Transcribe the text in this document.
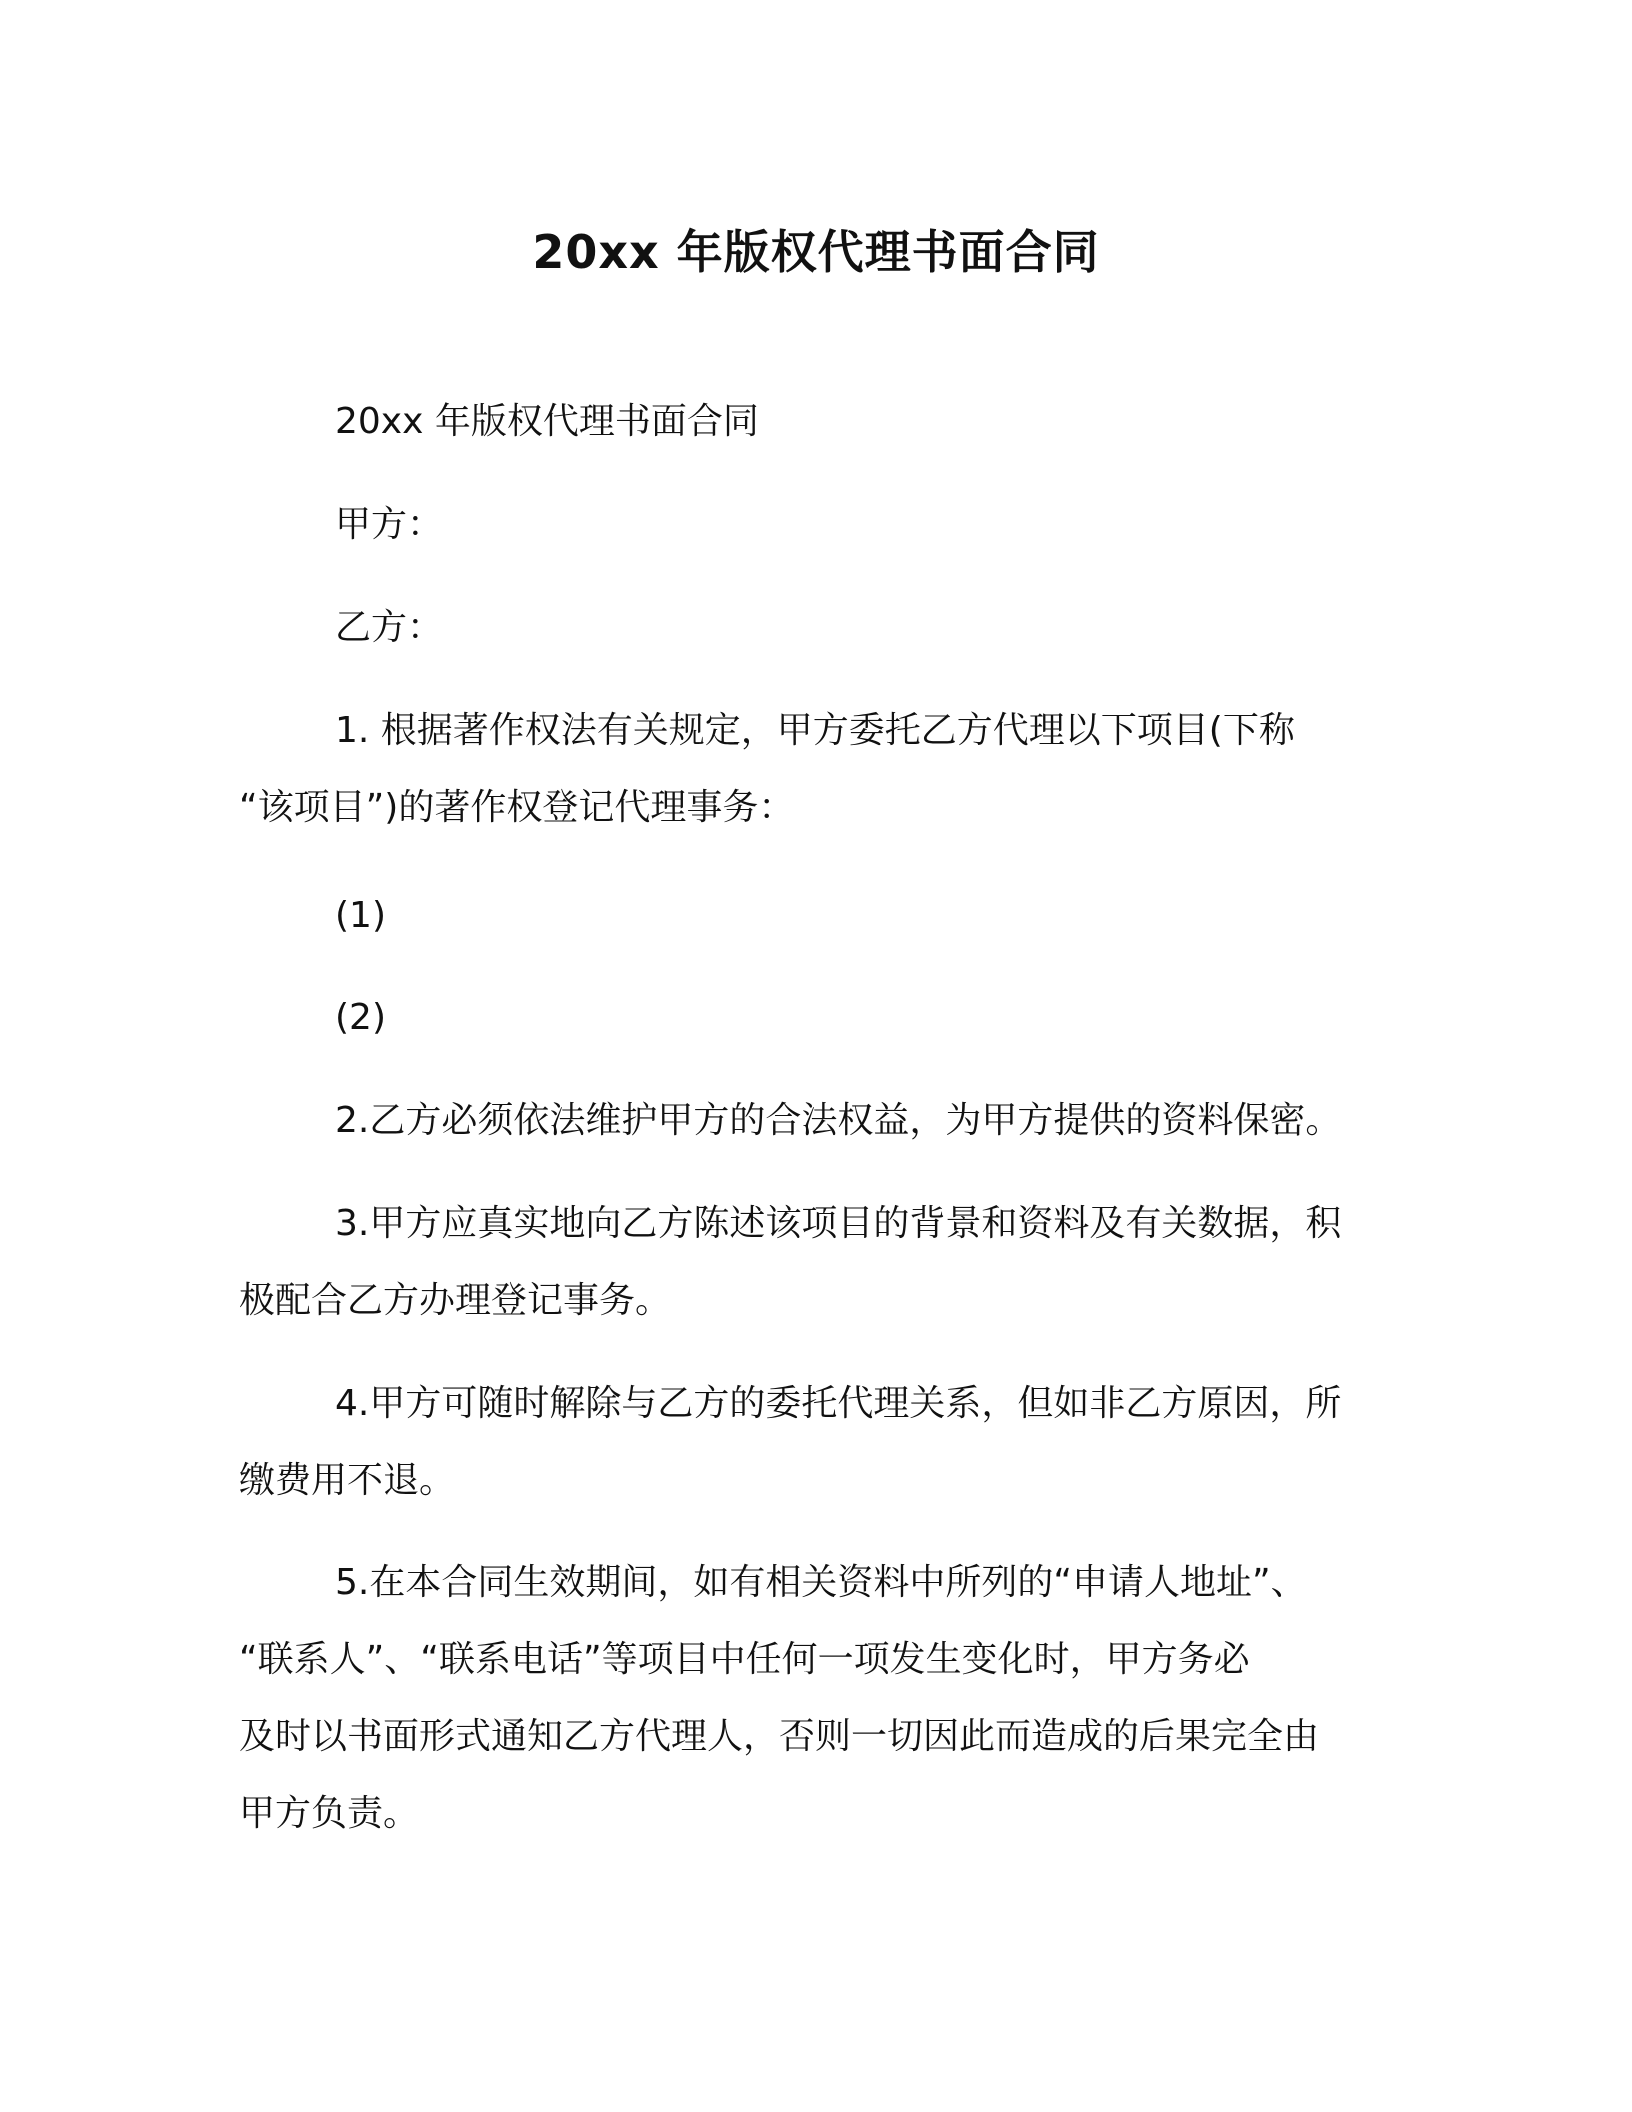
20xx 年版权代理书面合同
20xx 年版权代理书面合同
甲方：
乙方：
1. 根据著作权法有关规定，甲方委托乙方代理以下项目(下称
“该项目”)的著作权登记代理事务：
(1)
(2)
2.乙方必须依法维护甲方的合法权益，为甲方提供的资料保密。
3.甲方应真实地向乙方陈述该项目的背景和资料及有关数据，积
极配合乙方办理登记事务。
4.甲方可随时解除与乙方的委托代理关系，但如非乙方原因，所
缴费用不退。
5.在本合同生效期间，如有相关资料中所列的“申请人地址”、
“联系人”、“联系电话”等项目中任何一项发生变化时，甲方务必
及时以书面形式通知乙方代理人，否则一切因此而造成的后果完全由
甲方负责。
